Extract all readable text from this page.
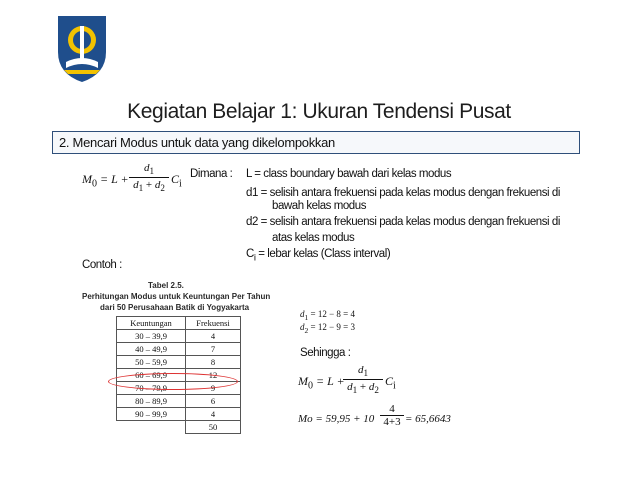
Kegiatan Belajar 1: Ukuran Tendensi Pusat
2. Mencari Modus untuk data yang dikelompokkan
$M_0 = L + \frac{d_1}{d_1 + d_2} C_i$
Dimana : L = class boundary bawah dari kelas modus
d1 = selisih antara frekuensi pada kelas modus dengan frekuensi di
bawah kelas modus
d2 = selisih antara frekuensi pada kelas modus dengan frekuensi di
atas kelas modus
$C_i$ = lebar kelas (Class interval)
Contoh :
Tabel 2.5.
Perhitungan Modus untuk Keuntungan Per Tahun
dari 50 Perusahaan Batik di Yogyakarta
Keuntungan	Frekuensi
30 – 39,9	4
40 – 49,9	7
50 – 59,9	8
60 – 69,9	12
70 – 79,9	9
80 – 89,9	6
90 – 99,9	4
	50
$d_1 = 12 - 8 = 4$
$d_2 = 12 - 9 = 3$
Sehingga :
$M_0 = L$ +
$\frac{d_1}{d_1 + d_2} C_i$
$Mo = 59,95 + 10 \frac{4}{4+3} = 65,6643$
